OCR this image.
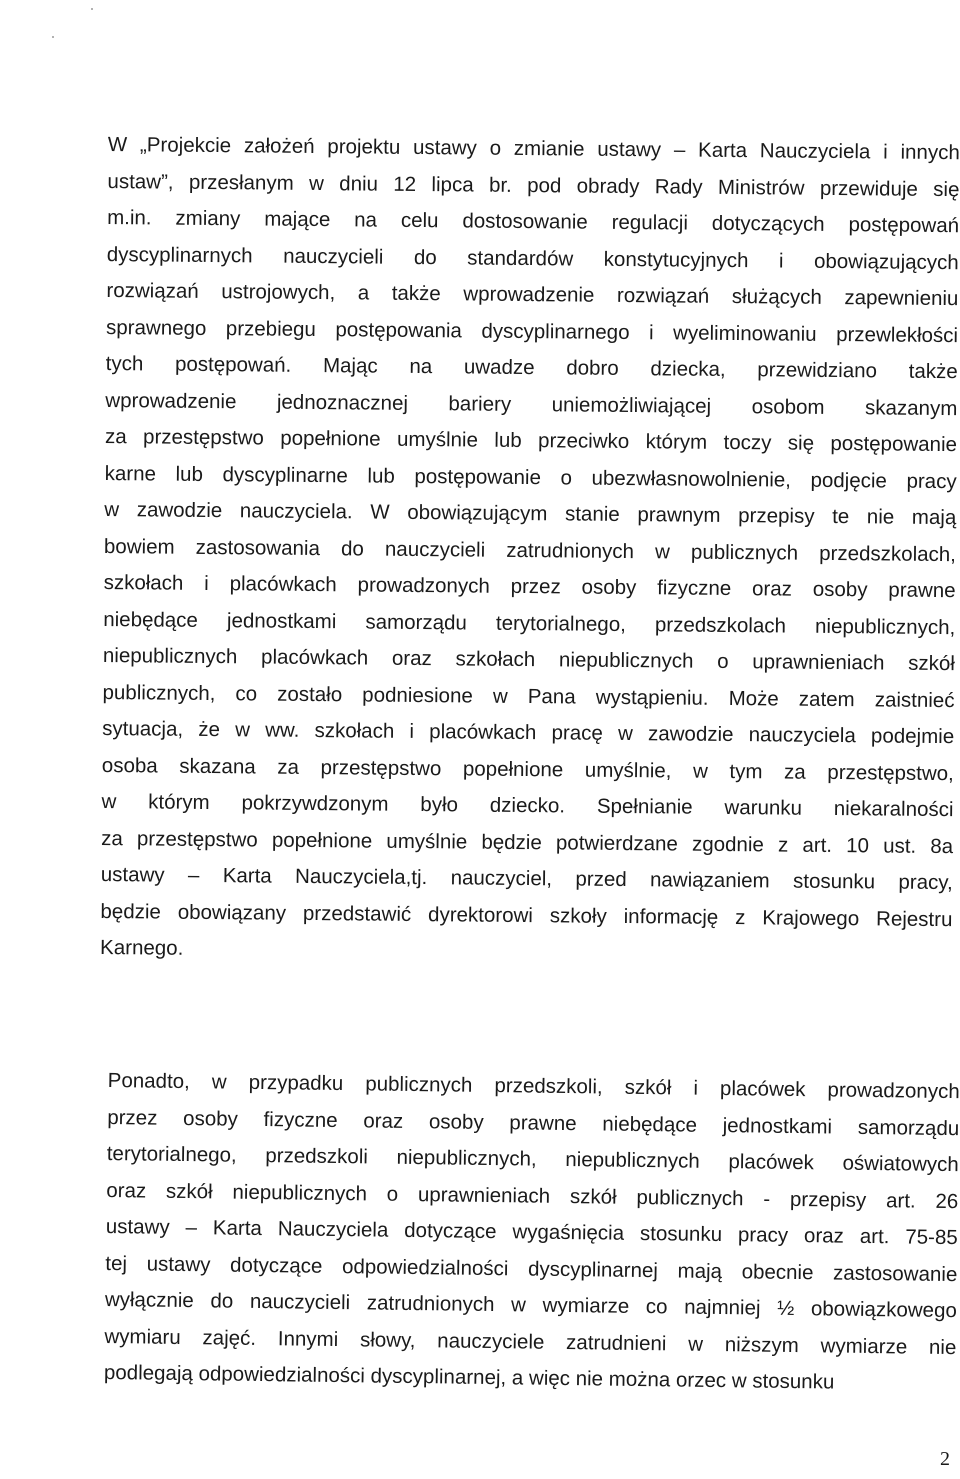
W „Projekcie założeń projektu ustawy o zmianie ustawy – Karta Nauczyciela i innych
ustaw”, przesłanym w dniu 12 lipca br. pod obrady Rady Ministrów przewiduje się
m.in. zmiany mające na celu dostosowanie regulacji dotyczących postępowań
dyscyplinarnych nauczycieli do standardów konstytucyjnych i obowiązujących
rozwiązań ustrojowych, a także wprowadzenie rozwiązań służących zapewnieniu
sprawnego przebiegu postępowania dyscyplinarnego i wyeliminowaniu przewlekłości
tych postępowań. Mając na uwadze dobro dziecka, przewidziano także
wprowadzenie jednoznacznej bariery uniemożliwiającej osobom skazanym
za przestępstwo popełnione umyślnie lub przeciwko którym toczy się postępowanie
karne lub dyscyplinarne lub postępowanie o ubezwłasnowolnienie, podjęcie pracy
w zawodzie nauczyciela. W obowiązującym stanie prawnym przepisy te nie mają
bowiem zastosowania do nauczycieli zatrudnionych w publicznych przedszkolach,
szkołach i placówkach prowadzonych przez osoby fizyczne oraz osoby prawne
niebędące jednostkami samorządu terytorialnego, przedszkolach niepublicznych,
niepublicznych placówkach oraz szkołach niepublicznych o uprawnieniach szkół
publicznych, co zostało podniesione w Pana wystąpieniu. Może zatem zaistnieć
sytuacja, że w ww. szkołach i placówkach pracę w zawodzie nauczyciela podejmie
osoba skazana za przestępstwo popełnione umyślnie, w tym za przestępstwo,
w którym pokrzywdzonym było dziecko. Spełnianie warunku niekaralności
za przestępstwo popełnione umyślnie będzie potwierdzane zgodnie z art. 10 ust. 8a
ustawy – Karta Nauczyciela,tj. nauczyciel, przed nawiązaniem stosunku pracy,
będzie obowiązany przedstawić dyrektorowi szkoły informację z Krajowego Rejestru
Karnego.
Ponadto, w przypadku publicznych przedszkoli, szkół i placówek prowadzonych
przez osoby fizyczne oraz osoby prawne niebędące jednostkami samorządu
terytorialnego, przedszkoli niepublicznych, niepublicznych placówek oświatowych
oraz szkół niepublicznych o uprawnieniach szkół publicznych - przepisy art. 26
ustawy – Karta Nauczyciela dotyczące wygaśnięcia stosunku pracy oraz art. 75-85
tej ustawy dotyczące odpowiedzialności dyscyplinarnej mają obecnie zastosowanie
wyłącznie do nauczycieli zatrudnionych w wymiarze co najmniej ½ obowiązkowego
wymiaru zajęć. Innymi słowy, nauczyciele zatrudnieni w niższym wymiarze nie
podlegają odpowiedzialności dyscyplinarnej, a więc nie można orzec w stosunku
2
